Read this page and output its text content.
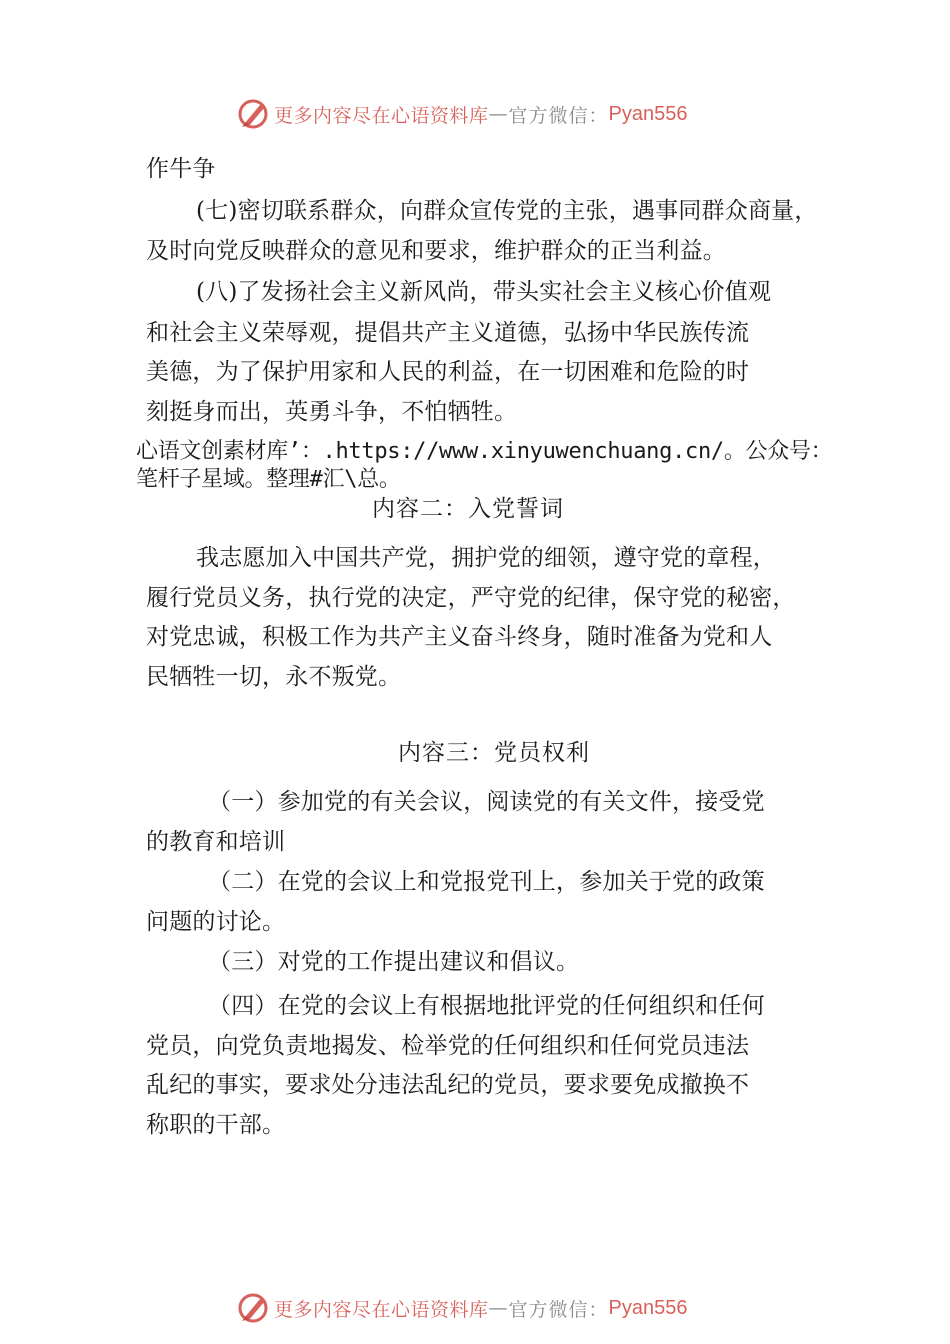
更多内容尽在心语资料库 — 官方微信： Pyan556
作牛争
(七)密切联系群众，向群众宣传党的主张，遇事同群众商量，
及时向党反映群众的意见和要求，维护群众的正当利益。
(八)了发扬社会主义新风尚，带头实社会主义核心价值观
和社会主义荣辱观，提倡共产主义道德，弘扬中华民族传流
美德，为了保护用家和人民的利益，在一切困难和危险的时
刻挺身而出，英勇斗争，不怕牺牲。
心语文创素材库’：.https://www.xinyuwenchuang.cn/。公众号：
笔杆子星域。整理#汇\总。
内容二：入党誓词
我志愿加入中国共产党，拥护党的细领，遵守党的章程，
履行党员义务，执行党的决定，严守党的纪律，保守党的秘密，
对党忠诚，积极工作为共产主义奋斗终身，随时准备为党和人
民牺牲一切，永不叛党。
内容三：党员权利
（一）参加党的有关会议，阅读党的有关文件，接受党
的教育和培训
（二）在党的会议上和党报党刊上，参加关于党的政策
问题的讨论。
（三）对党的工作提出建议和倡议。
（四）在党的会议上有根据地批评党的任何组织和任何
党员，向党负责地揭发、检举党的任何组织和任何党员违法
乱纪的事实，要求处分违法乱纪的党员，要求要免成撤换不
称职的干部。
更多内容尽在心语资料库 — 官方微信： Pyan556
